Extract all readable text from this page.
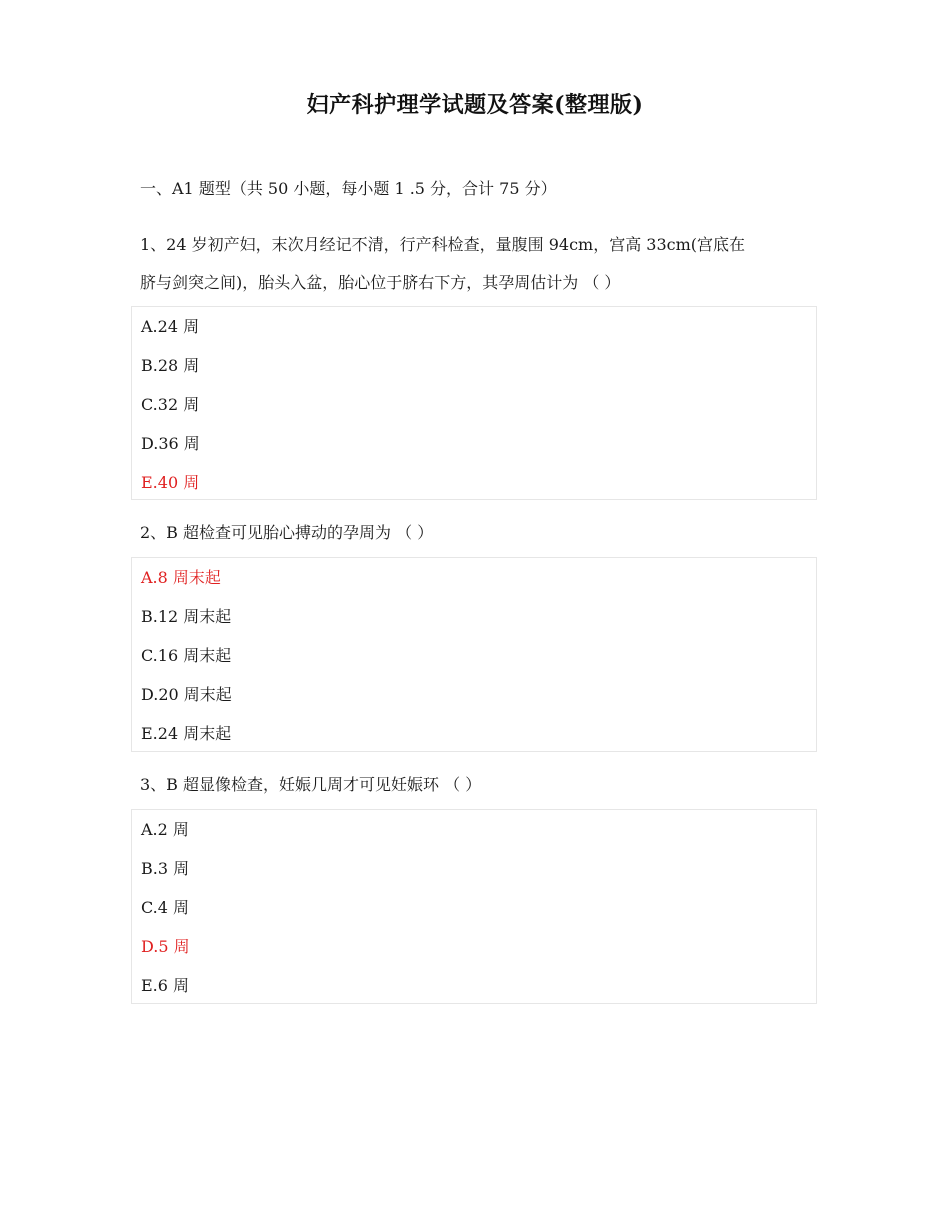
妇产科护理学试题及答案(整理版)
一、A1 题型（共 50 小题，每小题 1 .5 分，合计 75 分）
1、24 岁初产妇，末次月经记不清，行产科检查，量腹围 94cm，宫高 33cm(宫底在
脐与剑突之间)，胎头入盆，胎心位于脐右下方，其孕周估计为 （ ）
A.24 周
B.28 周
C.32 周
D.36 周
E.40 周
2、B 超检查可见胎心搏动的孕周为 （ ）
A.8 周末起
B.12 周末起
C.16 周末起
D.20 周末起
E.24 周末起
3、B 超显像检查，妊娠几周才可见妊娠环 （ ）
A.2 周
B.3 周
C.4 周
D.5 周
E.6 周
